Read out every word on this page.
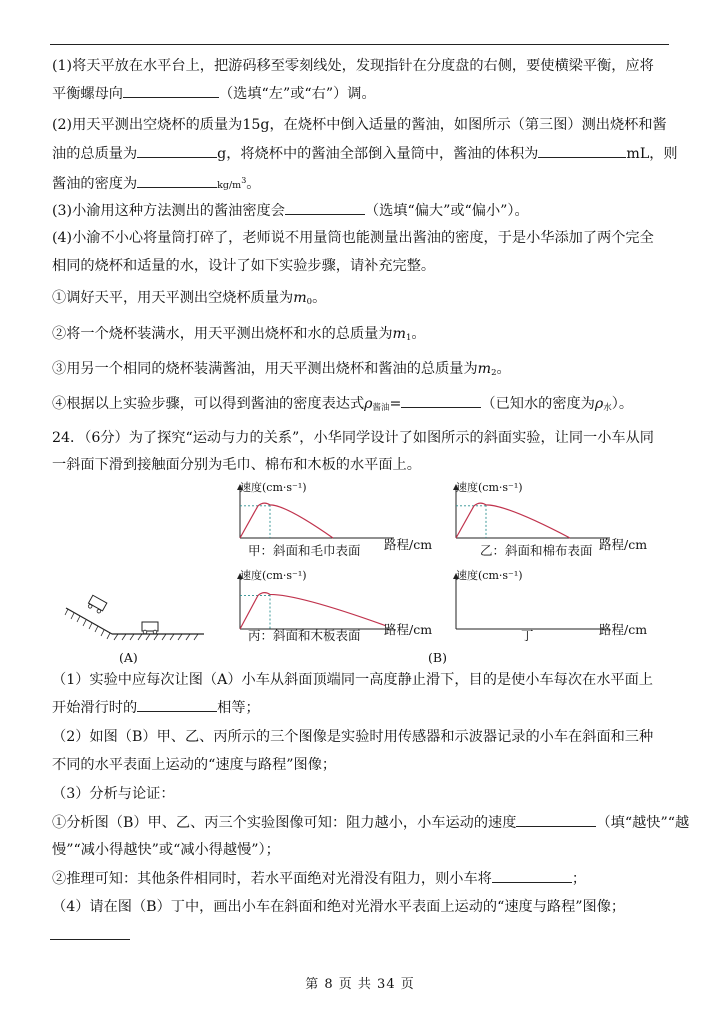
(1)将天平放在水平台上，把游码移至零刻线处，发现指针在分度盘的右侧，要使横梁平衡，应将
平衡螺母向	（选填“左”或“右”）调。
(2)用天平测出空烧杯的质量为15g，在烧杯中倒入适量的酱油，如图所示（第三图）测出烧杯和酱
油的总质量为	g，将烧杯中的酱油全部倒入量筒中，酱油的体积为	mL，则
酱油的密度为	$kg/m^3$。
(3)小渝用这种方法测出的酱油密度会	（选填“偏大”或“偏小”）。
(4)小渝不小心将量筒打碎了，老师说不用量筒也能测量出酱油的密度，于是小华添加了两个完全
相同的烧杯和适量的水，设计了如下实验步骤，请补充完整。
①调好天平，用天平测出空烧杯质量为$m_0$。
②将一个烧杯装满水，用天平测出烧杯和水的总质量为$m_1$。
③用另一个相同的烧杯装满酱油，用天平测出烧杯和酱油的总质量为$m_2$。
④根据以上实验步骤，可以得到酱油的密度表达式$\rho_{酱油}=$	（已知水的密度为$\rho_水$）。
24．（6分）为了探究“运动与力的关系”，小华同学设计了如图所示的斜面实验，让同一小车从同
一斜面下滑到接触面分别为毛巾、棉布和木板的水平面上。
(A)
速度(cm·s⁻¹)	速度(cm·s⁻¹)
速度(cm·s⁻¹)	速度(cm·s⁻¹)
甲：斜面和毛巾表面	乙：斜面和棉布表面
丙：斜面和木板表面	丁
路程/cm	路程/cm
路程/cm	路程/cm
(B)
（1）实验中应每次让图（A）小车从斜面顶端同一高度静止滑下，目的是使小车每次在水平面上
开始滑行时的	相等；
（2）如图（B）甲、乙、丙所示的三个图像是实验时用传感器和示波器记录的小车在斜面和三种
不同的水平表面上运动的“速度与路程”图像；
（3）分析与论证：
①分析图（B）甲、乙、丙三个实验图像可知：阻力越小，小车运动的速度	（填“越快”“越
慢”“减小得越快”或“减小得越慢”）；
②推理可知：其他条件相同时，若水平面绝对光滑没有阻力，则小车将	；
（4）请在图（B）丁中，画出小车在斜面和绝对光滑水平表面上运动的“速度与路程”图像；
第 8 页 共 34 页
